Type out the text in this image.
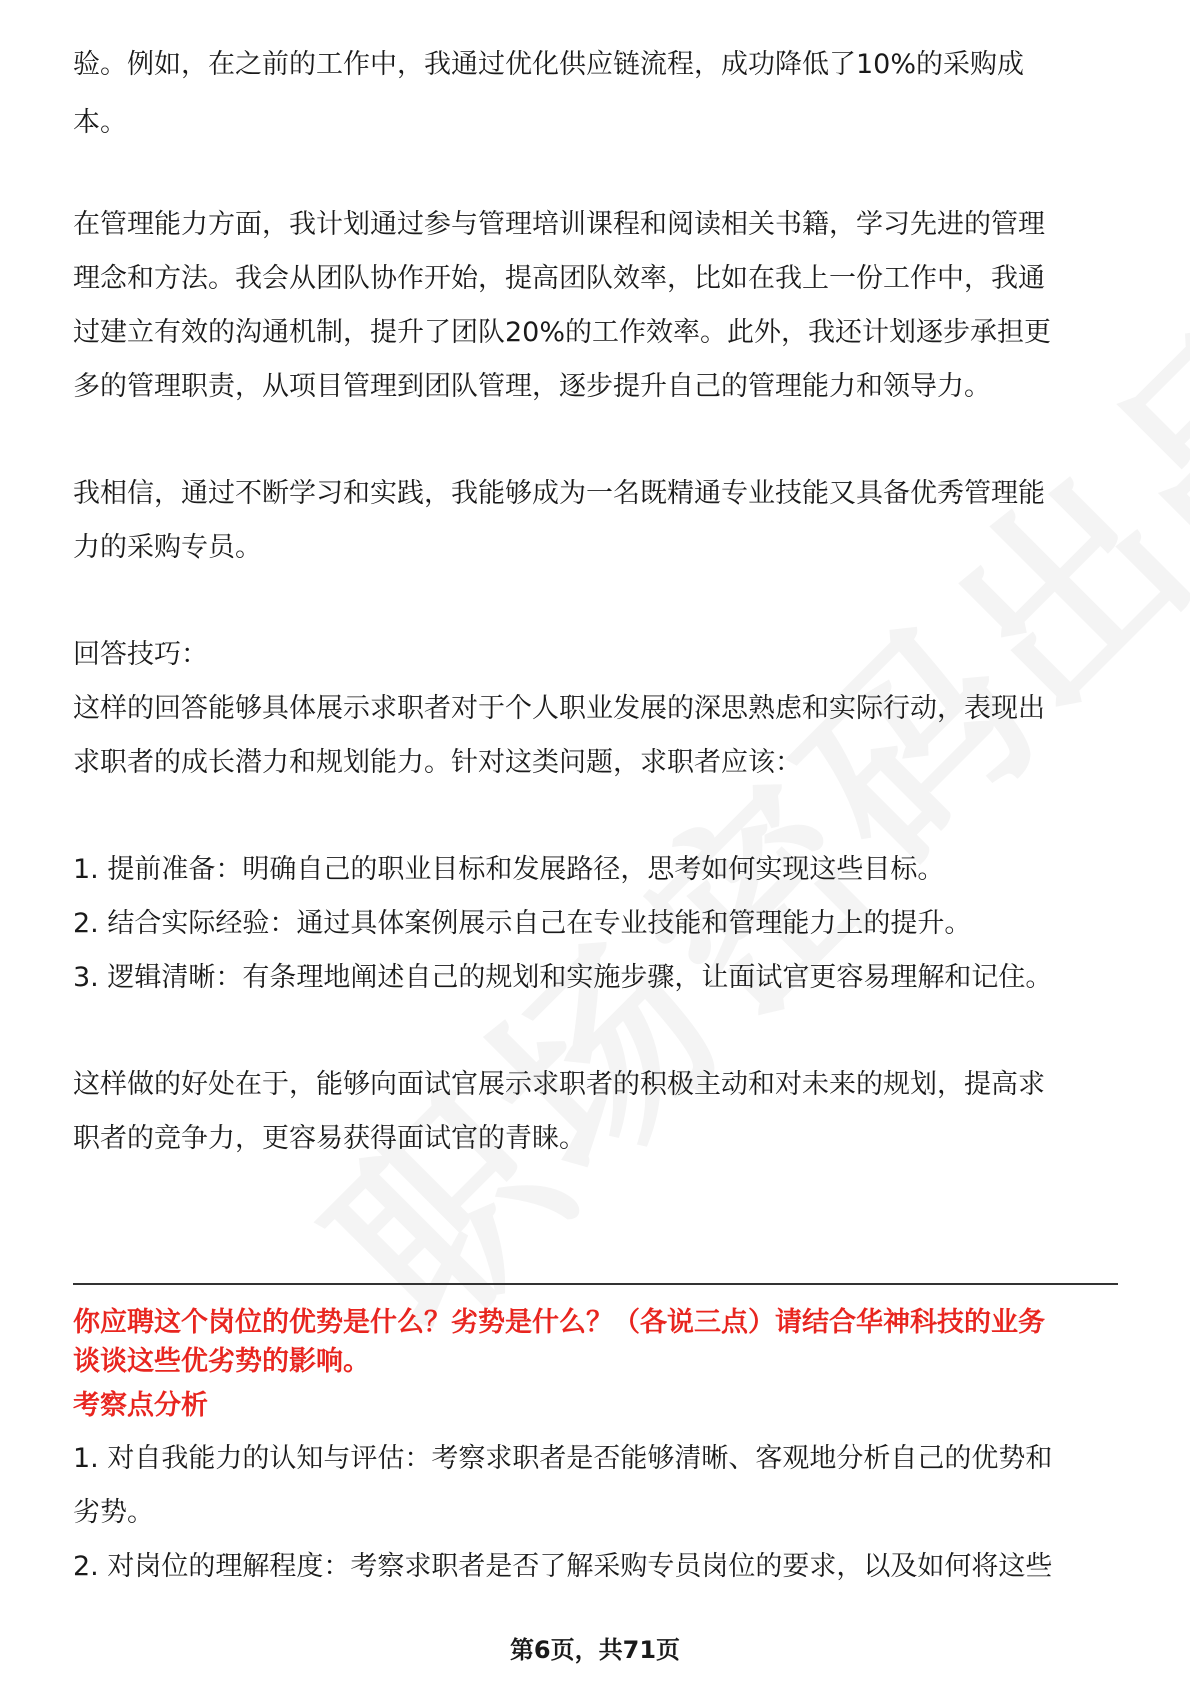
验。例如，在之前的工作中，我通过优化供应链流程，成功降低了10%的采购成

本。

在管理能力方面，我计划通过参与管理培训课程和阅读相关书籍，学习先进的管理

理念和方法。我会从团队协作开始，提高团队效率，比如在我上一份工作中，我通

过建立有效的沟通机制，提升了团队20%的工作效率。此外，我还计划逐步承担更

多的管理职责，从项目管理到团队管理，逐步提升自己的管理能力和领导力。

我相信，通过不断学习和实践，我能够成为一名既精通专业技能又具备优秀管理能

力的采购专员。

回答技巧：

这样的回答能够具体展示求职者对于个人职业发展的深思熟虑和实际行动，表现出

求职者的成长潜力和规划能力。针对这类问题，求职者应该：

1. 提前准备：明确自己的职业目标和发展路径，思考如何实现这些目标。

2. 结合实际经验：通过具体案例展示自己在专业技能和管理能力上的提升。

3. 逻辑清晰：有条理地阐述自己的规划和实施步骤，让面试官更容易理解和记住。

这样做的好处在于，能够向面试官展示求职者的积极主动和对未来的规划，提高求

职者的竞争力，更容易获得面试官的青睐。

你应聘这个岗位的优势是什么？劣势是什么？（各说三点）请结合华神科技的业务

谈谈这些优劣势的影响。

考察点分析

1. 对自我能力的认知与评估：考察求职者是否能够清晰、客观地分析自己的优势和

劣势。

2. 对岗位的理解程度：考察求职者是否了解采购专员岗位的要求，以及如何将这些

第6页，共71页
